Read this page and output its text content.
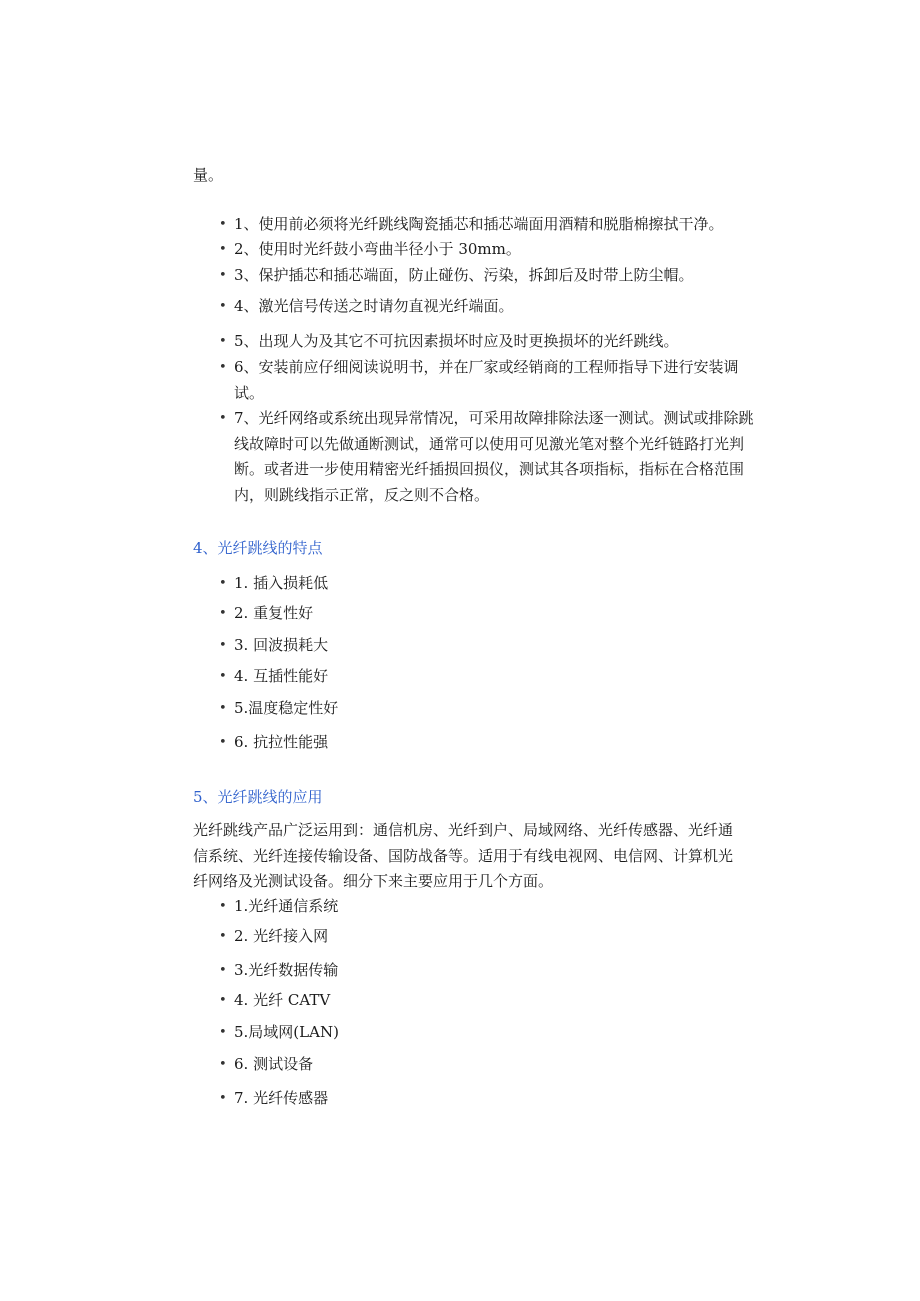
量。
• 1、使用前必须将光纤跳线陶瓷插芯和插芯端面用酒精和脱脂棉擦拭干净。
• 2、使用时光纤鼓小弯曲半径小于 30mm。
• 3、保护插芯和插芯端面，防止碰伤、污染，拆卸后及时带上防尘帽。
• 4、激光信号传送之时请勿直视光纤端面。
• 5、出现人为及其它不可抗因素损坏时应及时更换损坏的光纤跳线。
• 6、安装前应仔细阅读说明书，并在厂家或经销商的工程师指导下进行安装调试。
• 7、光纤网络或系统出现异常情况，可采用故障排除法逐一测试。测试或排除跳线故障时可以先做通断测试，通常可以使用可见激光笔对整个光纤链路打光判断。或者进一步使用精密光纤插损回损仪，测试其各项指标，指标在合格范围内，则跳线指示正常，反之则不合格。
4、光纤跳线的特点
• 1. 插入损耗低
• 2. 重复性好
• 3. 回波损耗大
• 4. 互插性能好
• 5.温度稳定性好
• 6. 抗拉性能强
5、光纤跳线的应用
光纤跳线产品广泛运用到：通信机房、光纤到户、局域网络、光纤传感器、光纤通信系统、光纤连接传输设备、国防战备等。适用于有线电视网、电信网、计算机光纤网络及光测试设备。细分下来主要应用于几个方面。
• 1.光纤通信系统
• 2. 光纤接入网
• 3.光纤数据传输
• 4. 光纤 CATV
• 5.局域网(LAN)
• 6. 测试设备
• 7. 光纤传感器
